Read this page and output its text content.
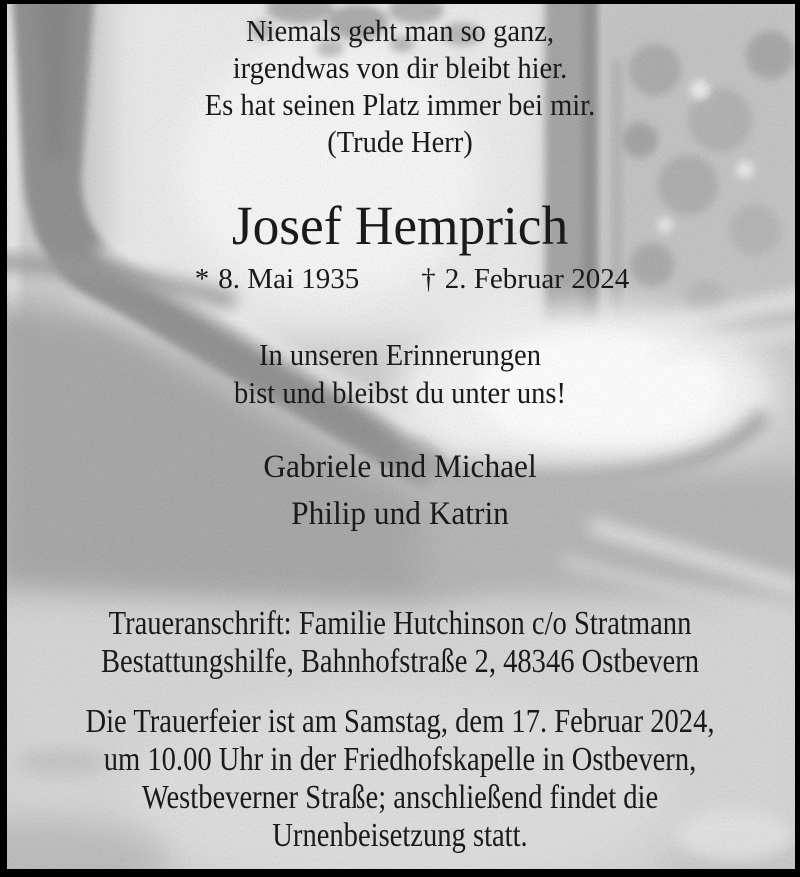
Niemals geht man so ganz,
irgendwas von dir bleibt hier.
Es hat seinen Platz immer bei mir.
(Trude Herr)
Josef Hemprich
* 8. Mai 1935 † 2. Februar 2024
In unseren Erinnerungen
bist und bleibst du unter uns!
Gabriele und Michael
Philip und Katrin
Traueranschrift: Familie Hutchinson c/o Stratmann
Bestattungshilfe, Bahnhofstraße 2, 48346 Ostbevern
Die Trauerfeier ist am Samstag, dem 17. Februar 2024,
um 10.00 Uhr in der Friedhofskapelle in Ostbevern,
Westbeverner Straße; anschließend findet die
Urnenbeisetzung statt.
